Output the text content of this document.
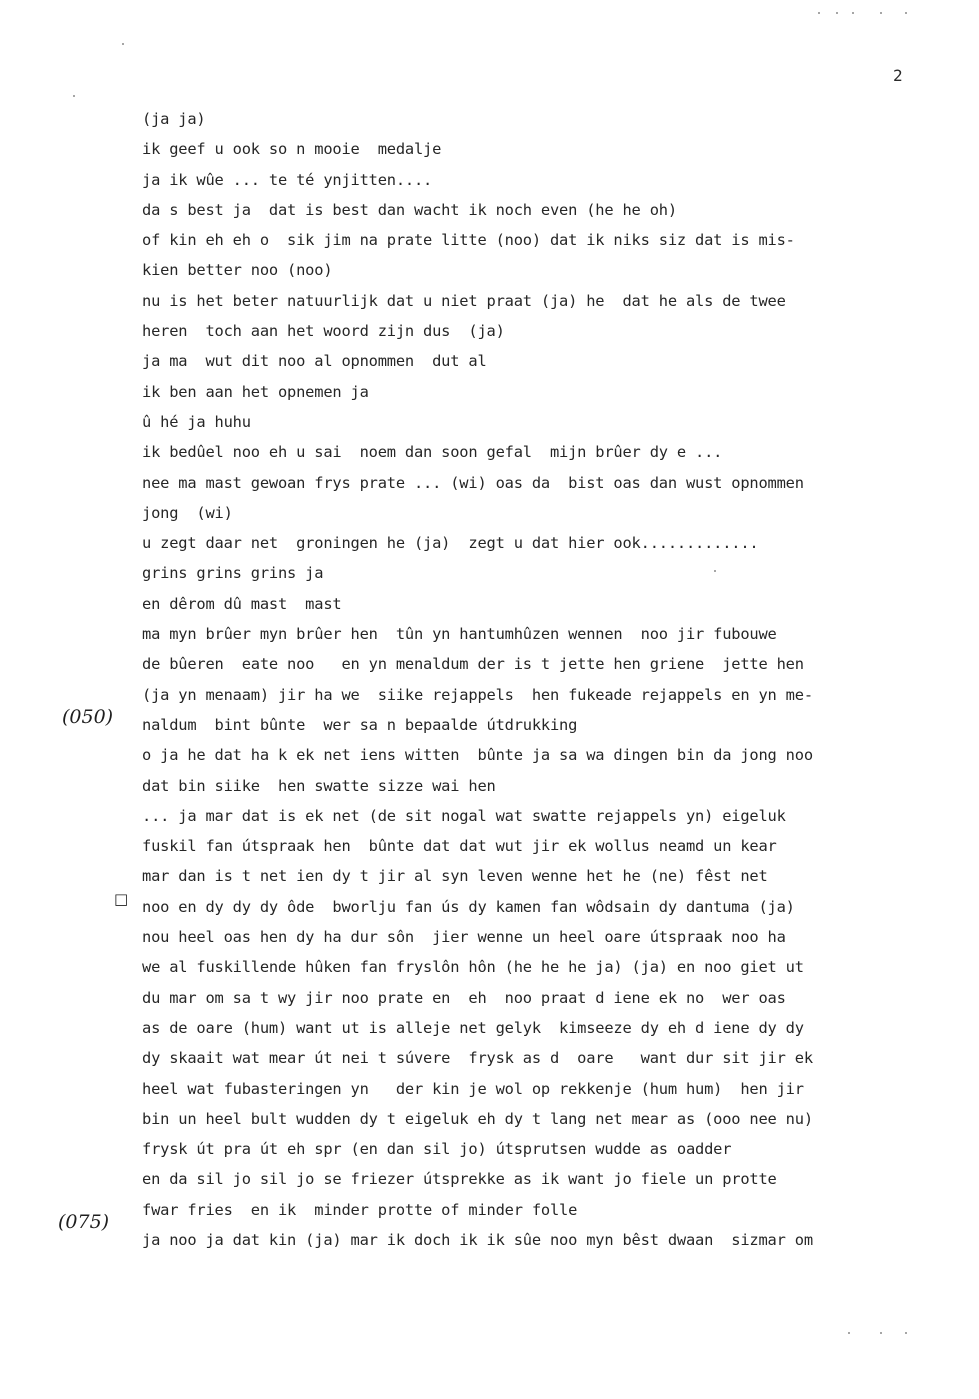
2
(ja ja)
ik geef u ook so n mooie  medalje
ja ik wûe ... te té ynjitten....
da s best ja  dat is best dan wacht ik noch even (he he oh)
of kin eh eh o  sik jim na prate litte (noo) dat ik niks siz dat is mis-
kien better noo (noo)
nu is het beter natuurlijk dat u niet praat (ja) he  dat he als de twee
heren  toch aan het woord zijn dus  (ja)
ja ma  wut dit noo al opnommen  dut al
ik ben aan het opnemen ja
û hé ja huhu
ik bedûel noo eh u sai  noem dan soon gefal  mijn brûer dy e ...
nee ma mast gewoan frys prate ... (wi) oas da  bist oas dan wust opnommen
jong  (wi)
u zegt daar net  groningen he (ja)  zegt u dat hier ook.............
grins grins grins ja
en dêrom dû mast  mast
ma myn brûer myn brûer hen  tûn yn hantumhûzen wennen  noo jir fubouwe
de bûeren  eate noo   en yn menaldum der is t jette hen griene  jette hen
(ja yn menaam) jir ha we  siike rejappels  hen fukeade rejappels en yn me-
naldum  bint bûnte  wer sa n bepaalde útdrukking
o ja he dat ha k ek net iens witten  bûnte ja sa wa dingen bin da jong noo
dat bin siike  hen swatte sizze wai hen
... ja mar dat is ek net (de sit nogal wat swatte rejappels yn) eigeluk
fuskil fan útspraak hen  bûnte dat dat wut jir ek wollus neamd un kear
mar dan is t net ien dy t jir al syn leven wenne het he (ne) fêst net
noo en dy dy dy ôde  bworlju fan ús dy kamen fan wôdsain dy dantuma (ja)
nou heel oas hen dy ha dur sôn  jier wenne un heel oare útspraak noo ha
we al fuskillende hûken fan fryslôn hôn (he he he ja) (ja) en noo giet ut
du mar om sa t wy jir noo prate en  eh  noo praat d iene ek no  wer oas
as de oare (hum) want ut is alleje net gelyk  kimseeze dy eh d iene dy dy
dy skaait wat mear út nei t súvere  frysk as d  oare   want dur sit jir ek
heel wat fubasteringen yn   der kin je wol op rekkenje (hum hum)  hen jir
bin un heel bult wudden dy t eigeluk eh dy t lang net mear as (ooo nee nu)
frysk út pra út eh spr (en dan sil jo) útsprutsen wudde as oadder
en da sil jo sil jo se friezer útsprekke as ik want jo fiele un protte
fwar fries  en ik  minder protte of minder folle
ja noo ja dat kin (ja) mar ik doch ik ik sûe noo myn bêst dwaan  sizmar om
(050)
□
(075)
